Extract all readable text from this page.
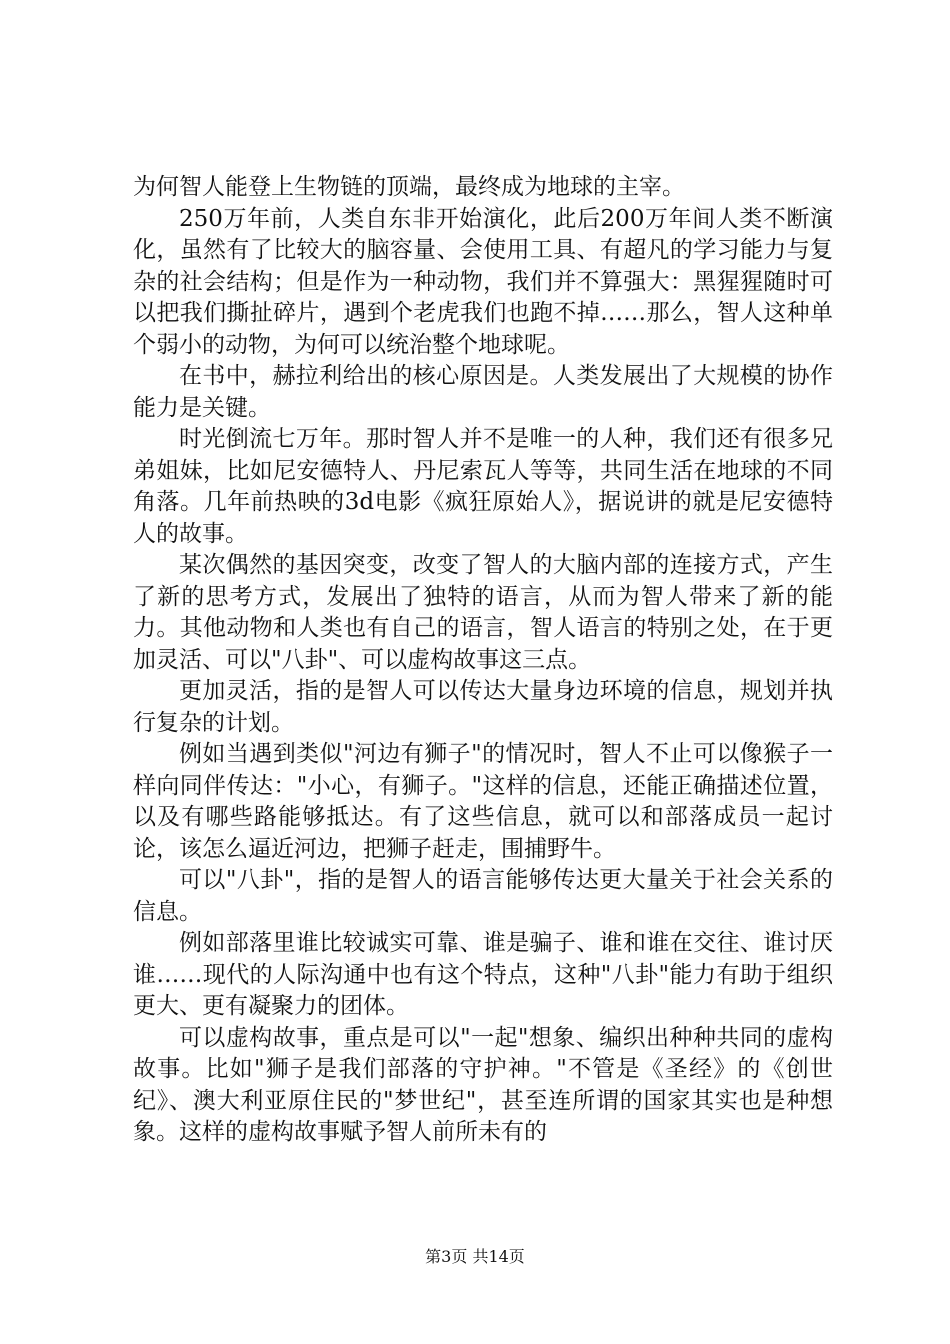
为何智人能登上生物链的顶端，最终成为地球的主宰。

250万年前，人类自东非开始演化，此后200万年间人类不断演化，虽然有了比较大的脑容量、会使用工具、有超凡的学习能力与复杂的社会结构；但是作为一种动物，我们并不算强大：黑猩猩随时可以把我们撕扯碎片，遇到个老虎我们也跑不掉……那么，智人这种单个弱小的动物，为何可以统治整个地球呢。

在书中，赫拉利给出的核心原因是。人类发展出了大规模的协作能力是关键。

时光倒流七万年。那时智人并不是唯一的人种，我们还有很多兄弟姐妹，比如尼安德特人、丹尼索瓦人等等，共同生活在地球的不同角落。几年前热映的3d电影《疯狂原始人》，据说讲的就是尼安德特人的故事。

某次偶然的基因突变，改变了智人的大脑内部的连接方式，产生了新的思考方式，发展出了独特的语言，从而为智人带来了新的能力。其他动物和人类也有自己的语言，智人语言的特别之处，在于更加灵活、可以"八卦"、可以虚构故事这三点。

更加灵活，指的是智人可以传达大量身边环境的信息，规划并执行复杂的计划。

例如当遇到类似"河边有狮子"的情况时，智人不止可以像猴子一样向同伴传达："小心，有狮子。"这样的信息，还能正确描述位置，以及有哪些路能够抵达。有了这些信息，就可以和部落成员一起讨论，该怎么逼近河边，把狮子赶走，围捕野牛。

可以"八卦"，指的是智人的语言能够传达更大量关于社会关系的信息。

例如部落里谁比较诚实可靠、谁是骗子、谁和谁在交往、谁讨厌谁……现代的人际沟通中也有这个特点，这种"八卦"能力有助于组织更大、更有凝聚力的团体。

可以虚构故事，重点是可以"一起"想象、编织出种种共同的虚构故事。比如"狮子是我们部落的守护神。"不管是《圣经》的《创世纪》、澳大利亚原住民的"梦世纪"，甚至连所谓的国家其实也是种想象。这样的虚构故事赋予智人前所未有的

第3页 共14页
